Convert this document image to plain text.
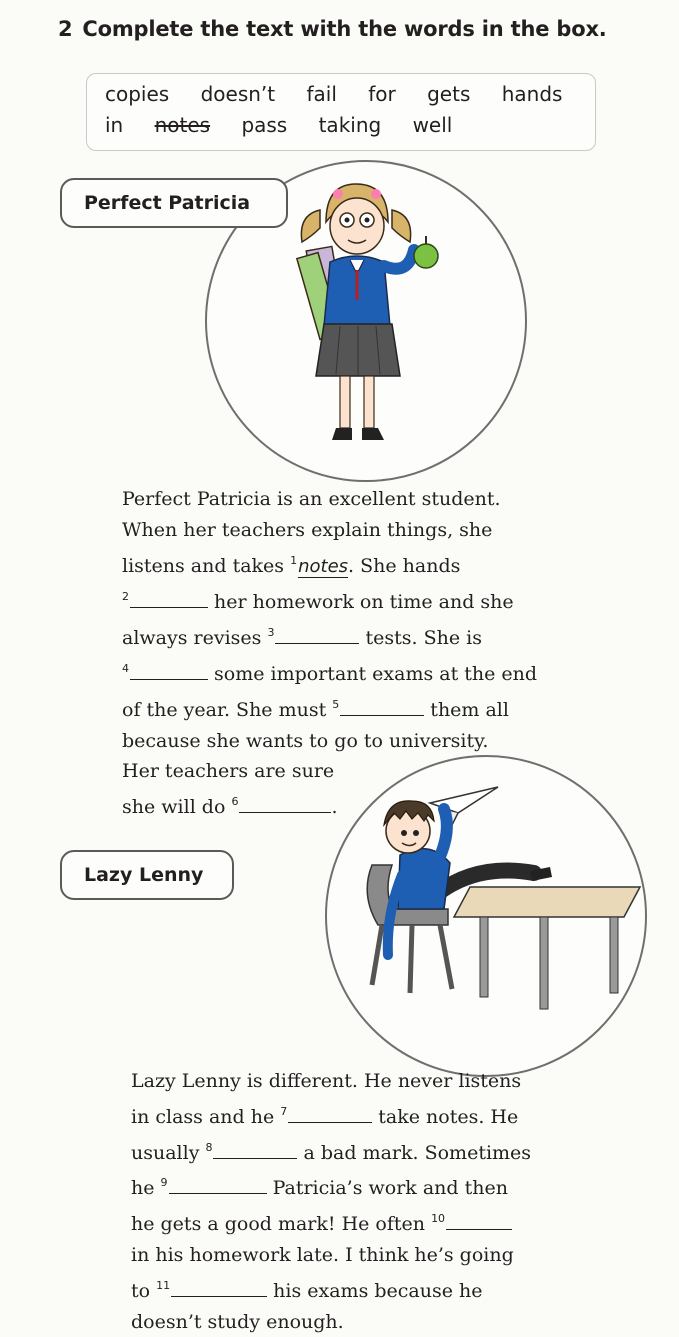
2 Complete the text with the words in the box.
copies doesn’t fail for gets hands
in notes pass taking well
Perfect Patricia
Perfect Patricia is an excellent student.
When her teachers explain things, she
listens and takes $^1$notes. She hands
$^2$	her homework on time and she
always revises $^3$	tests. She is
$^4$	some important exams at the end
of the year. She must $^5$	them all
because she wants to go to university.
Her teachers are sure
she will do $^6$	.
Lazy Lenny
Lazy Lenny is different. He never listens
in class and he $^7$	take notes. He
usually $^8$	a bad mark. Sometimes
he $^9$	Patricia’s work and then
he gets a good mark! He often $^{10}$
in his homework late. I think he’s going
to $^{11}$	his exams because he
doesn’t study enough.
